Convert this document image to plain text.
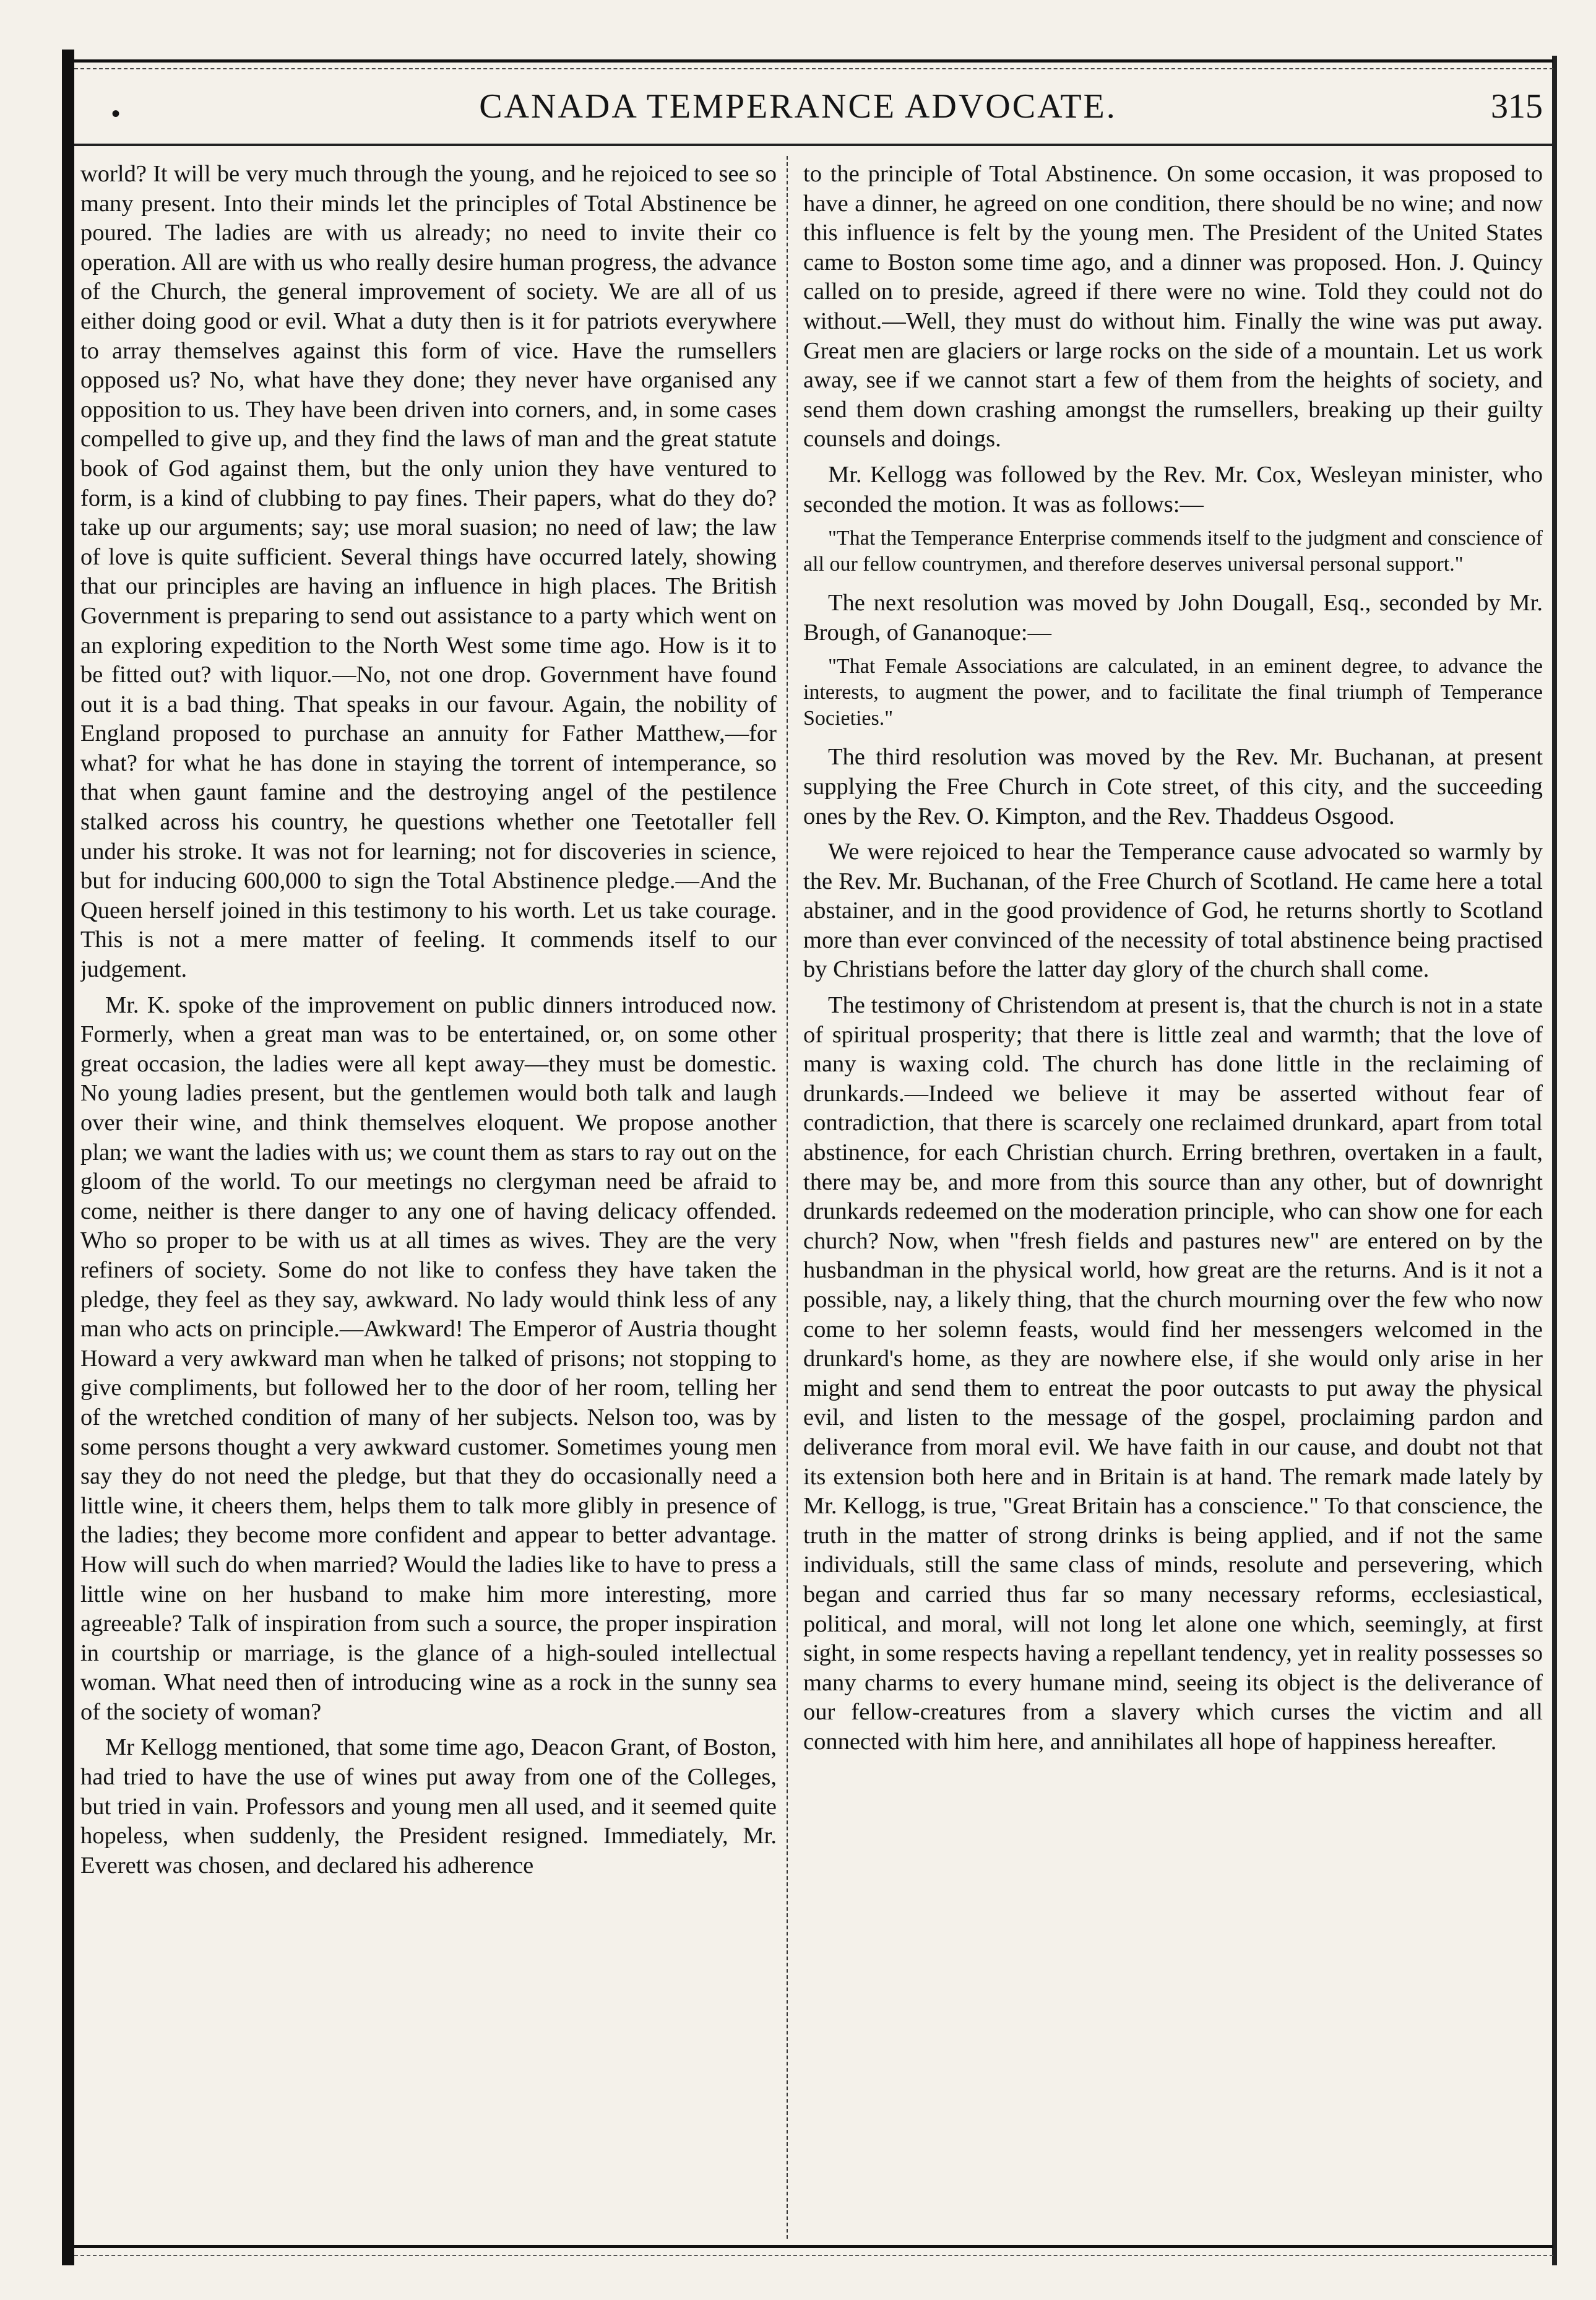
•	CANADA TEMPERANCE ADVOCATE.	315

world? It will be very much through the young, and he rejoiced to see so many present. Into their minds let the principles of Total Abstinence be poured. The ladies are with us already; no need to invite their co operation. All are with us who really desire human progress, the advance of the Church, the general improvement of society. We are all of us either doing good or evil. What a duty then is it for patriots everywhere to array themselves against this form of vice. Have the rumsellers opposed us? No, what have they done; they never have organised any opposition to us. They have been driven into corners, and, in some cases compelled to give up, and they find the laws of man and the great statute book of God against them, but the only union they have ventured to form, is a kind of clubbing to pay fines. Their papers, what do they do? take up our arguments; say; use moral suasion; no need of law; the law of love is quite sufficient. Several things have occurred lately, showing that our principles are having an influence in high places. The British Government is preparing to send out assistance to a party which went on an exploring expedition to the North West some time ago. How is it to be fitted out? with liquor.—No, not one drop. Government have found out it is a bad thing. That speaks in our favour. Again, the nobility of England proposed to purchase an annuity for Father Matthew,—for what? for what he has done in staying the torrent of intemperance, so that when gaunt famine and the destroying angel of the pestilence stalked across his country, he questions whether one Teetotaller fell under his stroke. It was not for learning; not for discoveries in science, but for inducing 600,000 to sign the Total Abstinence pledge.—And the Queen herself joined in this testimony to his worth. Let us take courage. This is not a mere matter of feeling. It commends itself to our judgement.

Mr. K. spoke of the improvement on public dinners introduced now. Formerly, when a great man was to be entertained, or, on some other great occasion, the ladies were all kept away—they must be domestic. No young ladies present, but the gentlemen would both talk and laugh over their wine, and think themselves eloquent. We propose another plan; we want the ladies with us; we count them as stars to ray out on the gloom of the world. To our meetings no clergyman need be afraid to come, neither is there danger to any one of having delicacy offended. Who so proper to be with us at all times as wives. They are the very refiners of society. Some do not like to confess they have taken the pledge, they feel as they say, awkward. No lady would think less of any man who acts on principle.—Awkward! The Emperor of Austria thought Howard a very awkward man when he talked of prisons; not stopping to give compliments, but followed her to the door of her room, telling her of the wretched condition of many of her subjects. Nelson too, was by some persons thought a very awkward customer. Sometimes young men say they do not need the pledge, but that they do occasionally need a little wine, it cheers them, helps them to talk more glibly in presence of the ladies; they become more confident and appear to better advantage. How will such do when married? Would the ladies like to have to press a little wine on her husband to make him more interesting, more agreeable? Talk of inspiration from such a source, the proper inspiration in courtship or marriage, is the glance of a high-souled intellectual woman. What need then of introducing wine as a rock in the sunny sea of the society of woman?

Mr Kellogg mentioned, that some time ago, Deacon Grant, of Boston, had tried to have the use of wines put away from one of the Colleges, but tried in vain. Professors and young men all used, and it seemed quite hopeless, when suddenly, the President resigned. Immediately, Mr. Everett was chosen, and declared his adherence

to the principle of Total Abstinence. On some occasion, it was proposed to have a dinner, he agreed on one condition, there should be no wine; and now this influence is felt by the young men. The President of the United States came to Boston some time ago, and a dinner was proposed. Hon. J. Quincy called on to preside, agreed if there were no wine. Told they could not do without.—Well, they must do without him. Finally the wine was put away. Great men are glaciers or large rocks on the side of a mountain. Let us work away, see if we cannot start a few of them from the heights of society, and send them down crashing amongst the rumsellers, breaking up their guilty counsels and doings.

Mr. Kellogg was followed by the Rev. Mr. Cox, Wesleyan minister, who seconded the motion. It was as follows:—

"That the Temperance Enterprise commends itself to the judgment and conscience of all our fellow countrymen, and therefore deserves universal personal support."

The next resolution was moved by John Dougall, Esq., seconded by Mr. Brough, of Gananoque:—

"That Female Associations are calculated, in an eminent degree, to advance the interests, to augment the power, and to facilitate the final triumph of Temperance Societies."

The third resolution was moved by the Rev. Mr. Buchanan, at present supplying the Free Church in Cote street, of this city, and the succeeding ones by the Rev. O. Kimpton, and the Rev. Thaddeus Osgood.

We were rejoiced to hear the Temperance cause advocated so warmly by the Rev. Mr. Buchanan, of the Free Church of Scotland. He came here a total abstainer, and in the good providence of God, he returns shortly to Scotland more than ever convinced of the necessity of total abstinence being practised by Christians before the latter day glory of the church shall come.

The testimony of Christendom at present is, that the church is not in a state of spiritual prosperity; that there is little zeal and warmth; that the love of many is waxing cold. The church has done little in the reclaiming of drunkards.—Indeed we believe it may be asserted without fear of contradiction, that there is scarcely one reclaimed drunkard, apart from total abstinence, for each Christian church. Erring brethren, overtaken in a fault, there may be, and more from this source than any other, but of downright drunkards redeemed on the moderation principle, who can show one for each church? Now, when "fresh fields and pastures new" are entered on by the husbandman in the physical world, how great are the returns. And is it not a possible, nay, a likely thing, that the church mourning over the few who now come to her solemn feasts, would find her messengers welcomed in the drunkard's home, as they are nowhere else, if she would only arise in her might and send them to entreat the poor outcasts to put away the physical evil, and listen to the message of the gospel, proclaiming pardon and deliverance from moral evil. We have faith in our cause, and doubt not that its extension both here and in Britain is at hand. The remark made lately by Mr. Kellogg, is true, "Great Britain has a conscience." To that conscience, the truth in the matter of strong drinks is being applied, and if not the same individuals, still the same class of minds, resolute and persevering, which began and carried thus far so many necessary reforms, ecclesiastical, political, and moral, will not long let alone one which, seemingly, at first sight, in some respects having a repellant tendency, yet in reality possesses so many charms to every humane mind, seeing its object is the deliverance of our fellow-creatures from a slavery which curses the victim and all connected with him here, and annihilates all hope of happiness hereafter.
